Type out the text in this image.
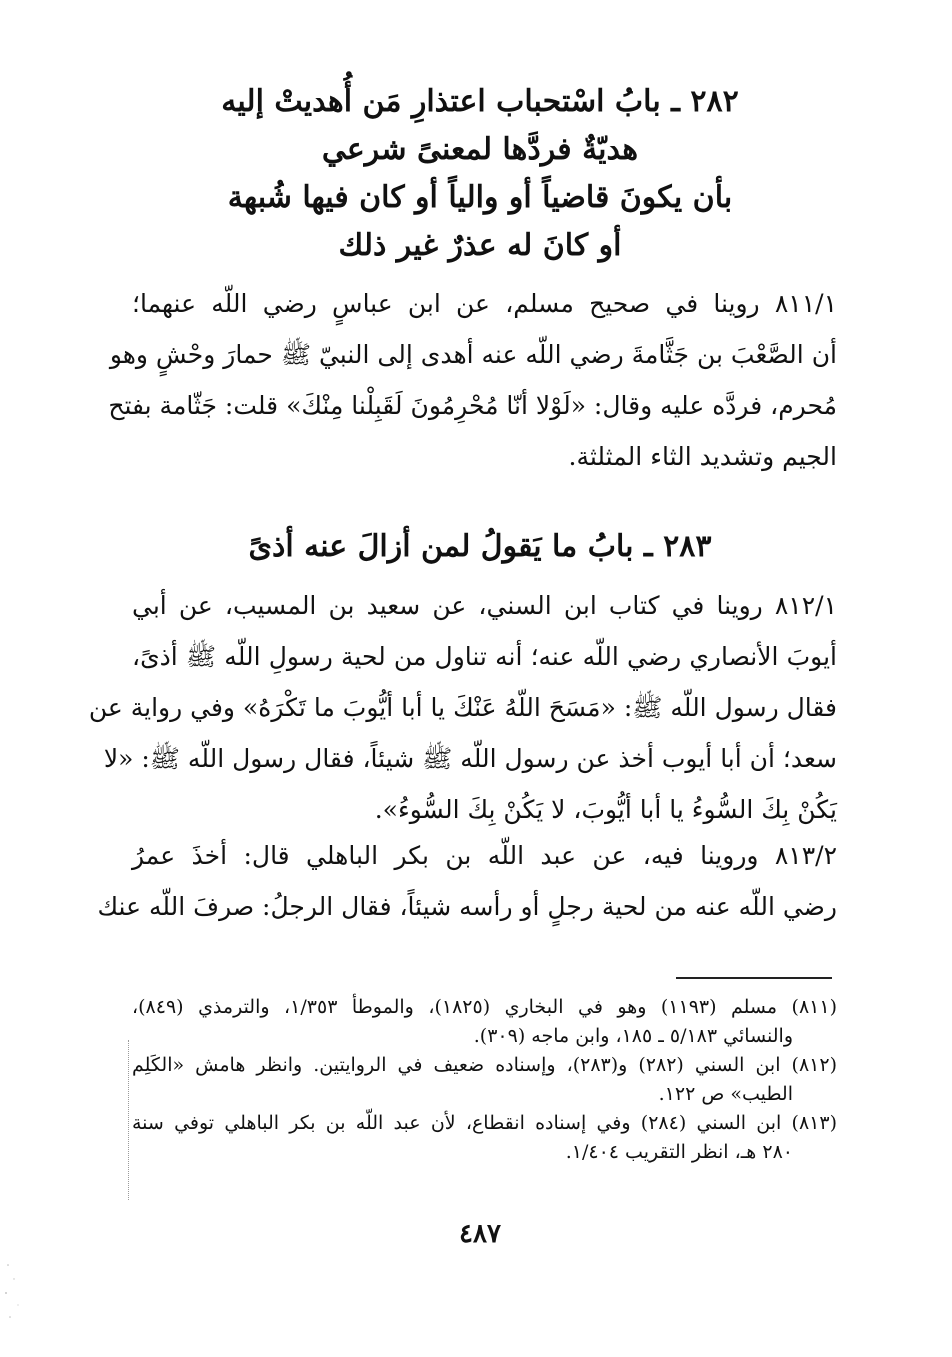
٢٨٢ ـ بابُ اسْتحباب اعتذارِ مَن أُهديتْ إليه
هديّةٌ فردَّها لمعنىً شرعي
بأن يكونَ قاضياً أو والياً أو كان فيها شُبهة
أو كانَ له عذرٌ غير ذلك
٨١١/١ روينا في صحيح مسلم، عن ابن عباسٍ رضي اللّه عنهما؛
أن الصَّعْبَ بن جَثَّامةَ رضي اللّه عنه أهدى إلى النبيّ ﷺ حمارَ وحْشٍ وهو
مُحرم، فردَّه عليه وقال: «لَوْلا أنّا مُحْرِمُونَ لَقَبِلْنا مِنْكَ» قلت: جَثّامة بفتح
الجيم وتشديد الثاء المثلثة.
٢٨٣ ـ بابُ ما يَقولُ لمن أزالَ عنه أذىً
٨١٢/١ روينا في كتاب ابن السني، عن سعيد بن المسيب، عن أبي
أيوبَ الأنصاري رضي اللّه عنه؛ أنه تناول من لحية رسولِ اللّه ﷺ أذىً،
فقال رسول اللّه ﷺ: «مَسَحَ اللّهُ عَنْكَ يا أبا أيُّوبَ ما تَكْرَهُ» وفي رواية عن
سعد؛ أن أبا أيوب أخذ عن رسول اللّه ﷺ شيئاً، فقال رسول اللّه ﷺ: «لا
يَكُنْ بِكَ السُّوءُ يا أبا أيُّوبَ، لا يَكُنْ بِكَ السُّوءُ».
٨١٣/٢ وروينا فيه، عن عبد اللّه بن بكر الباهلي قال: أخذَ عمرُ
رضي اللّه عنه من لحية رجلٍ أو رأسه شيئاً، فقال الرجلُ: صرفَ اللّه عنك
(٨١١) مسلم (١١٩٣) وهو في البخاري (١٨٢٥)، والموطأ ١/٣٥٣، والترمذي (٨٤٩)،
والنسائي ٥/١٨٣ ـ ١٨٥، وابن ماجه (٣٠٩).
(٨١٢) ابن السني (٢٨٢) و(٢٨٣)، وإسناده ضعيف في الروايتين. وانظر هامش «الكَلِم
الطيب» ص ١٢٢.
(٨١٣) ابن السني (٢٨٤) وفي إسناده انقطاع، لأن عبد اللّه بن بكر الباهلي توفي سنة
٢٨٠ هـ، انظر التقريب ١/٤٠٤.
٤٨٧
